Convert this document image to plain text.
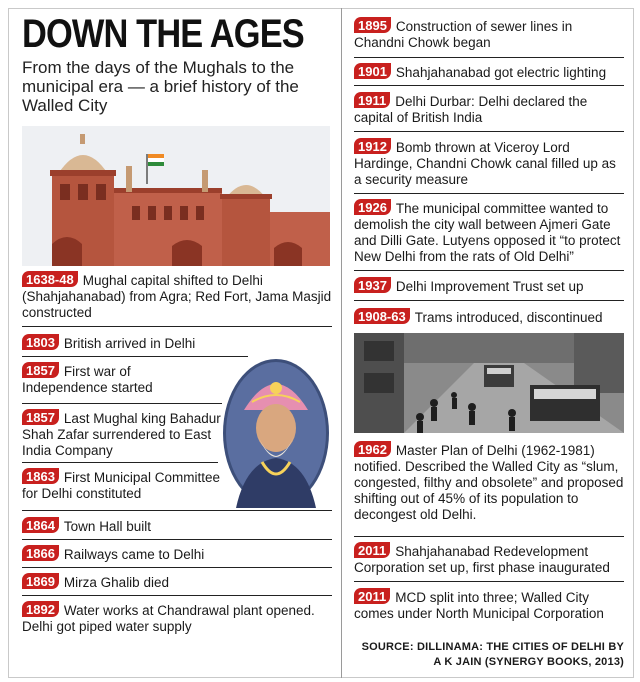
DOWN THE AGES
From the days of the Mughals to the municipal era — a brief history of the Walled City
1638-48 Mughal capital shifted to Delhi (Shahjahanabad) from Agra; Red Fort, Jama Masjid constructed
1803 British arrived in Delhi
1857 First war of Independence started
1857 Last Mughal king Bahadur Shah Zafar surrendered to East India Company
1863 First Municipal Committee for Delhi constituted
1864 Town Hall built
1866 Railways came to Delhi
1869 Mirza Ghalib died
1892 Water works at Chandrawal plant opened. Delhi got piped water supply
1895 Construction of sewer lines in Chandni Chowk began
1901 Shahjahanabad got electric lighting
1911 Delhi Durbar: Delhi declared the capital of British India
1912 Bomb thrown at Viceroy Lord Hardinge, Chandni Chowk canal filled up as a security measure
1926 The municipal committee wanted to demolish the city wall between Ajmeri Gate and Dilli Gate. Lutyens opposed it “to protect New Delhi from the rats of Old Delhi”
1937 Delhi Improvement Trust set up
1908-63 Trams introduced, discontinued
1962 Master Plan of Delhi (1962-1981) notified. Described the Walled City as “slum, congested, filthy and obsolete” and proposed shifting out of 45% of its population to decongest old Delhi.
2011 Shahjahanabad Redevelopment Corporation set up, first phase inaugurated
2011 MCD split into three; Walled City comes under North Municipal Corporation
SOURCE: DILLINAMA: THE CITIES OF DELHI BY
A K JAIN (SYNERGY BOOKS, 2013)
